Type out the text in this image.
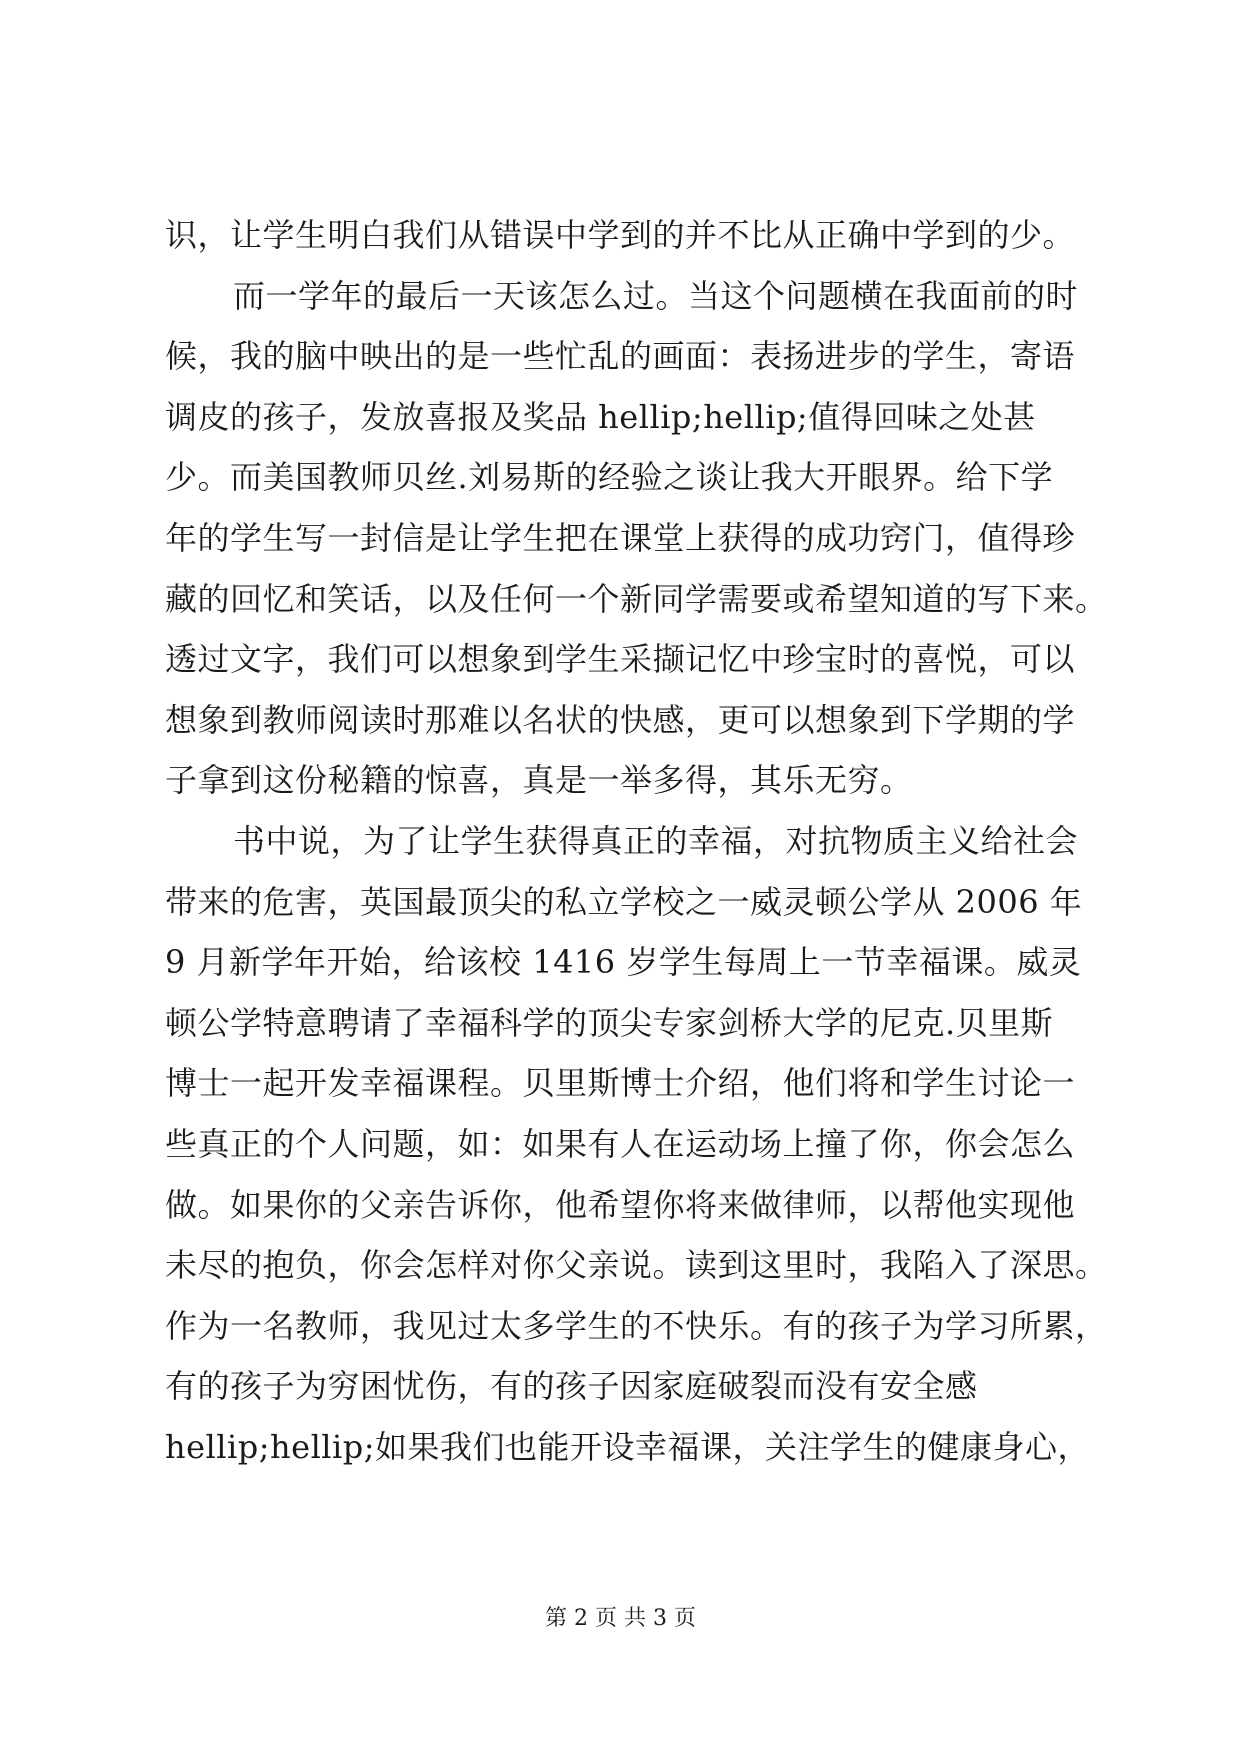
识，让学生明白我们从错误中学到的并不比从正确中学到的少。
而一学年的最后一天该怎么过。当这个问题横在我面前的时
候，我的脑中映出的是一些忙乱的画面：表扬进步的学生，寄语
调皮的孩子，发放喜报及奖品 hellip;hellip;值得回味之处甚
少。而美国教师贝丝.刘易斯的经验之谈让我大开眼界。给下学
年的学生写一封信是让学生把在课堂上获得的成功窍门，值得珍
藏的回忆和笑话，以及任何一个新同学需要或希望知道的写下来。
透过文字，我们可以想象到学生采撷记忆中珍宝时的喜悦，可以
想象到教师阅读时那难以名状的快感，更可以想象到下学期的学
子拿到这份秘籍的惊喜，真是一举多得，其乐无穷。
书中说，为了让学生获得真正的幸福，对抗物质主义给社会
带来的危害，英国最顶尖的私立学校之一威灵顿公学从 2006 年
9 月新学年开始，给该校 1416 岁学生每周上一节幸福课。威灵
顿公学特意聘请了幸福科学的顶尖专家剑桥大学的尼克.贝里斯
博士一起开发幸福课程。贝里斯博士介绍，他们将和学生讨论一
些真正的个人问题，如：如果有人在运动场上撞了你，你会怎么
做。如果你的父亲告诉你，他希望你将来做律师，以帮他实现他
未尽的抱负，你会怎样对你父亲说。读到这里时，我陷入了深思。
作为一名教师，我见过太多学生的不快乐。有的孩子为学习所累，
有的孩子为穷困忧伤，有的孩子因家庭破裂而没有安全感
hellip;hellip;如果我们也能开设幸福课，关注学生的健康身心，
第 2 页 共 3 页
